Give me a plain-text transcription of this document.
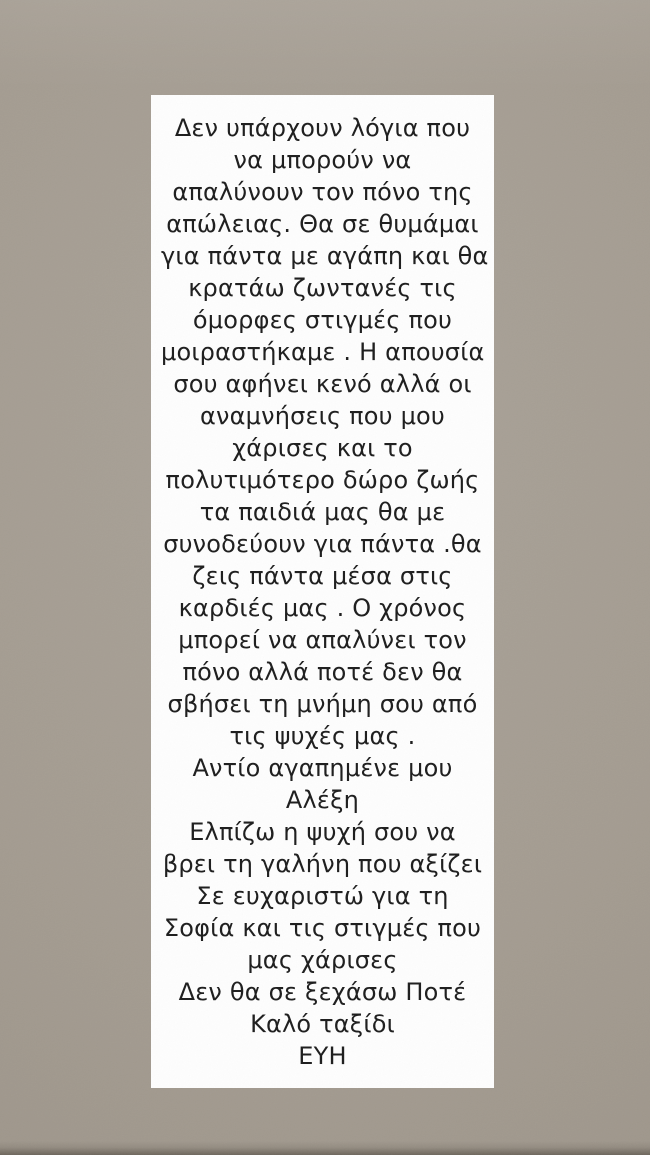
Δεν υπάρχουν λόγια που
να μπορούν να
απαλύνουν τον πόνο της
απώλειας. Θα σε θυμάμαι
για πάντα με αγάπη και θα
κρατάω ζωντανές τις
όμορφες στιγμές που
μοιραστήκαμε . Η απουσία
σου αφήνει κενό αλλά οι
αναμνήσεις που μου
χάρισες και το
πολυτιμότερο δώρο ζωής
τα παιδιά μας θα με
συνοδεύουν για πάντα .θα
ζεις πάντα μέσα στις
καρδιές μας . Ο χρόνος
μπορεί να απαλύνει τον
πόνο αλλά ποτέ δεν θα
σβήσει τη μνήμη σου από
τις ψυχές μας .
Αντίο αγαπημένε μου
Αλέξη
Ελπίζω η ψυχή σου να
βρει τη γαλήνη που αξίζει
Σε ευχαριστώ για τη
Σοφία και τις στιγμές που
μας χάρισες
Δεν θα σε ξεχάσω Ποτέ
Καλό ταξίδι
ΕΥΗ
